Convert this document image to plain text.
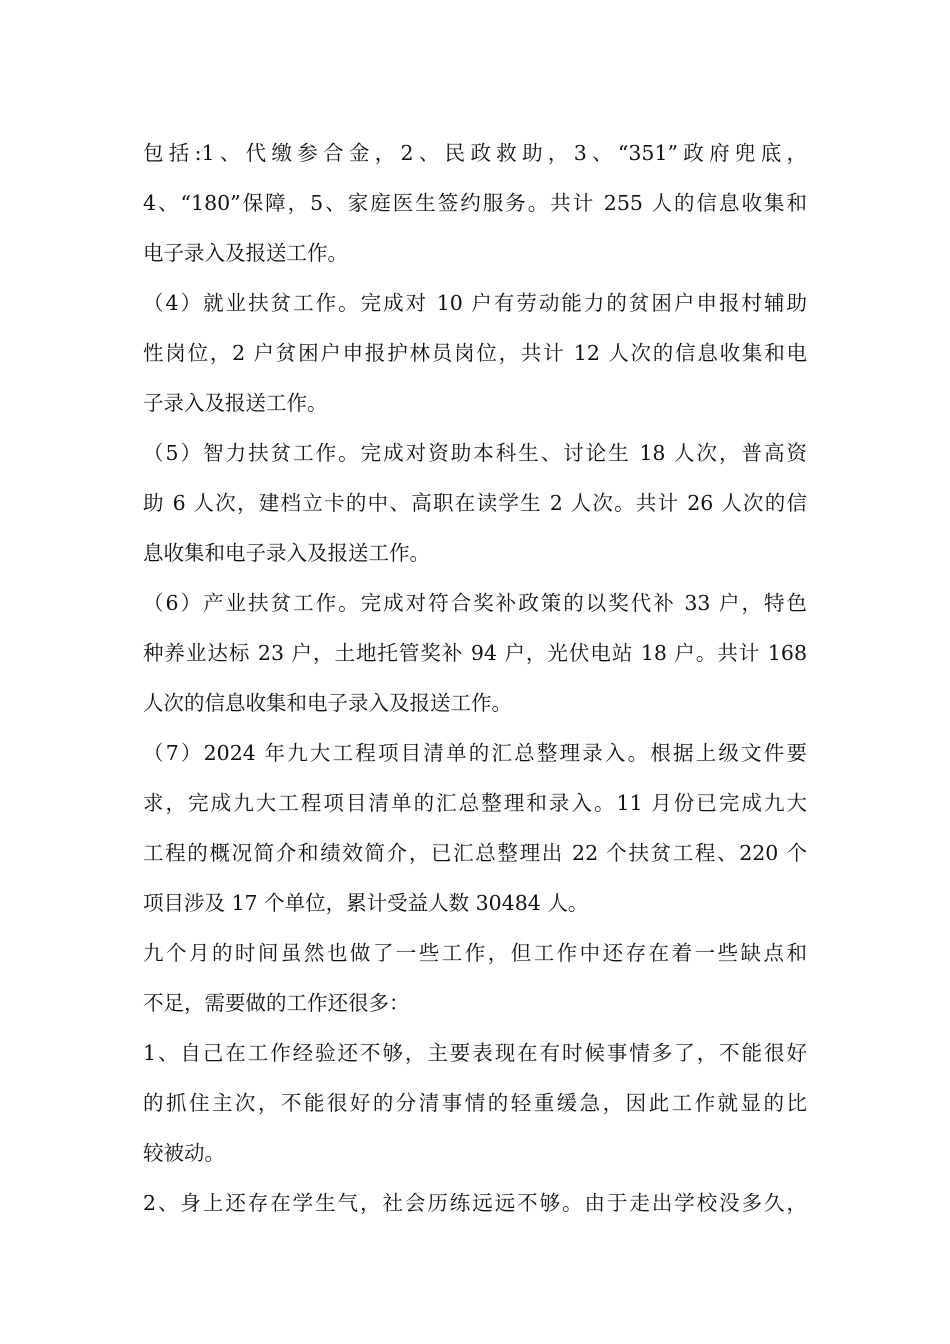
包括:1、代缴参合金，2、民政救助，3、“351”政府兜底，
4、“180”保障，5、家庭医生签约服务。共计 255 人的信息收集和
电子录入及报送工作。
（4）就业扶贫工作。完成对 10 户有劳动能力的贫困户申报村辅助
性岗位，2 户贫困户申报护林员岗位，共计 12 人次的信息收集和电
子录入及报送工作。
（5）智力扶贫工作。完成对资助本科生、讨论生 18 人次，普高资
助 6 人次，建档立卡的中、高职在读学生 2 人次。共计 26 人次的信
息收集和电子录入及报送工作。
（6）产业扶贫工作。完成对符合奖补政策的以奖代补 33 户，特色
种养业达标 23 户，土地托管奖补 94 户，光伏电站 18 户。共计 168
人次的信息收集和电子录入及报送工作。
（7）2024 年九大工程项目清单的汇总整理录入。根据上级文件要
求，完成九大工程项目清单的汇总整理和录入。11 月份已完成九大
工程的概况简介和绩效简介，已汇总整理出 22 个扶贫工程、220 个
项目涉及 17 个单位，累计受益人数 30484 人。
九个月的时间虽然也做了一些工作，但工作中还存在着一些缺点和
不足，需要做的工作还很多：
1、自己在工作经验还不够，主要表现在有时候事情多了，不能很好
的抓住主次，不能很好的分清事情的轻重缓急，因此工作就显的比
较被动。
2、身上还存在学生气，社会历练远远不够。由于走出学校没多久，
